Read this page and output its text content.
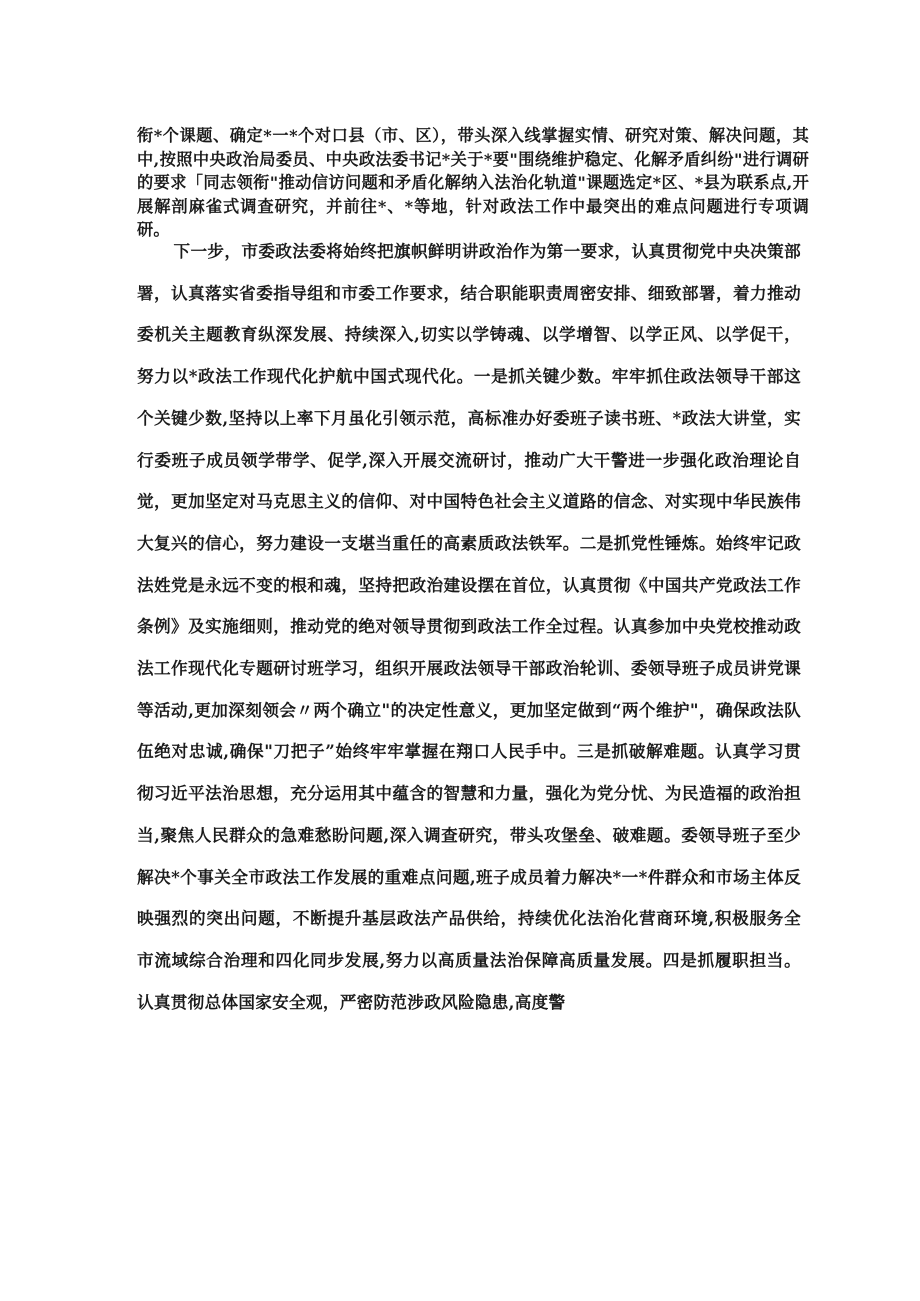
衔*个课题、确定*一*个对口县（市、区），带头深入线掌握实情、研究对策、解决问题，其中,按照中央政治局委员、中央政法委书记*关于*要"围绕维护稳定、化解矛盾纠纷"进行调研的要求「同志领衔"推动信访问题和矛盾化解纳入法治化轨道"课题选定*区、*县为联系点,开展解剖麻雀式调查研究，并前往*、*等地，针对政法工作中最突出的难点问题进行专项调研。

下一步，市委政法委将始终把旗帜鲜明讲政治作为第一要求，认真贯彻党中央决策部署，认真落实省委指导组和市委工作要求，结合职能职责周密安排、细致部署，着力推动委机关主题教育纵深发展、持续深入,切实以学铸魂、以学增智、以学正风、以学促干，努力以*政法工作现代化护航中国式现代化。一是抓关键少数。牢牢抓住政法领导干部这个关键少数,坚持以上率下月虽化引领示范，高标准办好委班子读书班、*政法大讲堂，实行委班子成员领学带学、促学,深入开展交流研讨，推动广大干警进一步强化政治理论自觉，更加坚定对马克思主义的信仰、对中国特色社会主义道路的信念、对实现中华民族伟大复兴的信心，努力建设一支堪当重任的高素质政法铁军。二是抓党性锤炼。始终牢记政法姓党是永远不变的根和魂，坚持把政治建设摆在首位，认真贯彻《中国共产党政法工作条例》及实施细则，推动党的绝对领导贯彻到政法工作全过程。认真参加中央党校推动政法工作现代化专题研讨班学习，组织开展政法领导干部政治轮训、委领导班子成员讲党课等活动,更加深刻领会〃两个确立"的决定性意义，更加坚定做到“两个维护"，确保政法队伍绝对忠诚,确保"刀把子”始终牢牢掌握在翔口人民手中。三是抓破解难题。认真学习贯彻习近平法治思想，充分运用其中蕴含的智慧和力量，强化为党分忧、为民造福的政治担当,聚焦人民群众的急难愁盼问题,深入调查研究，带头攻堡垒、破难题。委领导班子至少解决*个事关全市政法工作发展的重难点问题,班子成员着力解决*一*件群众和市场主体反映强烈的突出问题，不断提升基层政法产品供给，持续优化法治化营商环境,积极服务全市流域综合治理和四化同步发展,努力以高质量法治保障高质量发展。四是抓履职担当。认真贯彻总体国家安全观，严密防范涉政风险隐患,高度警
